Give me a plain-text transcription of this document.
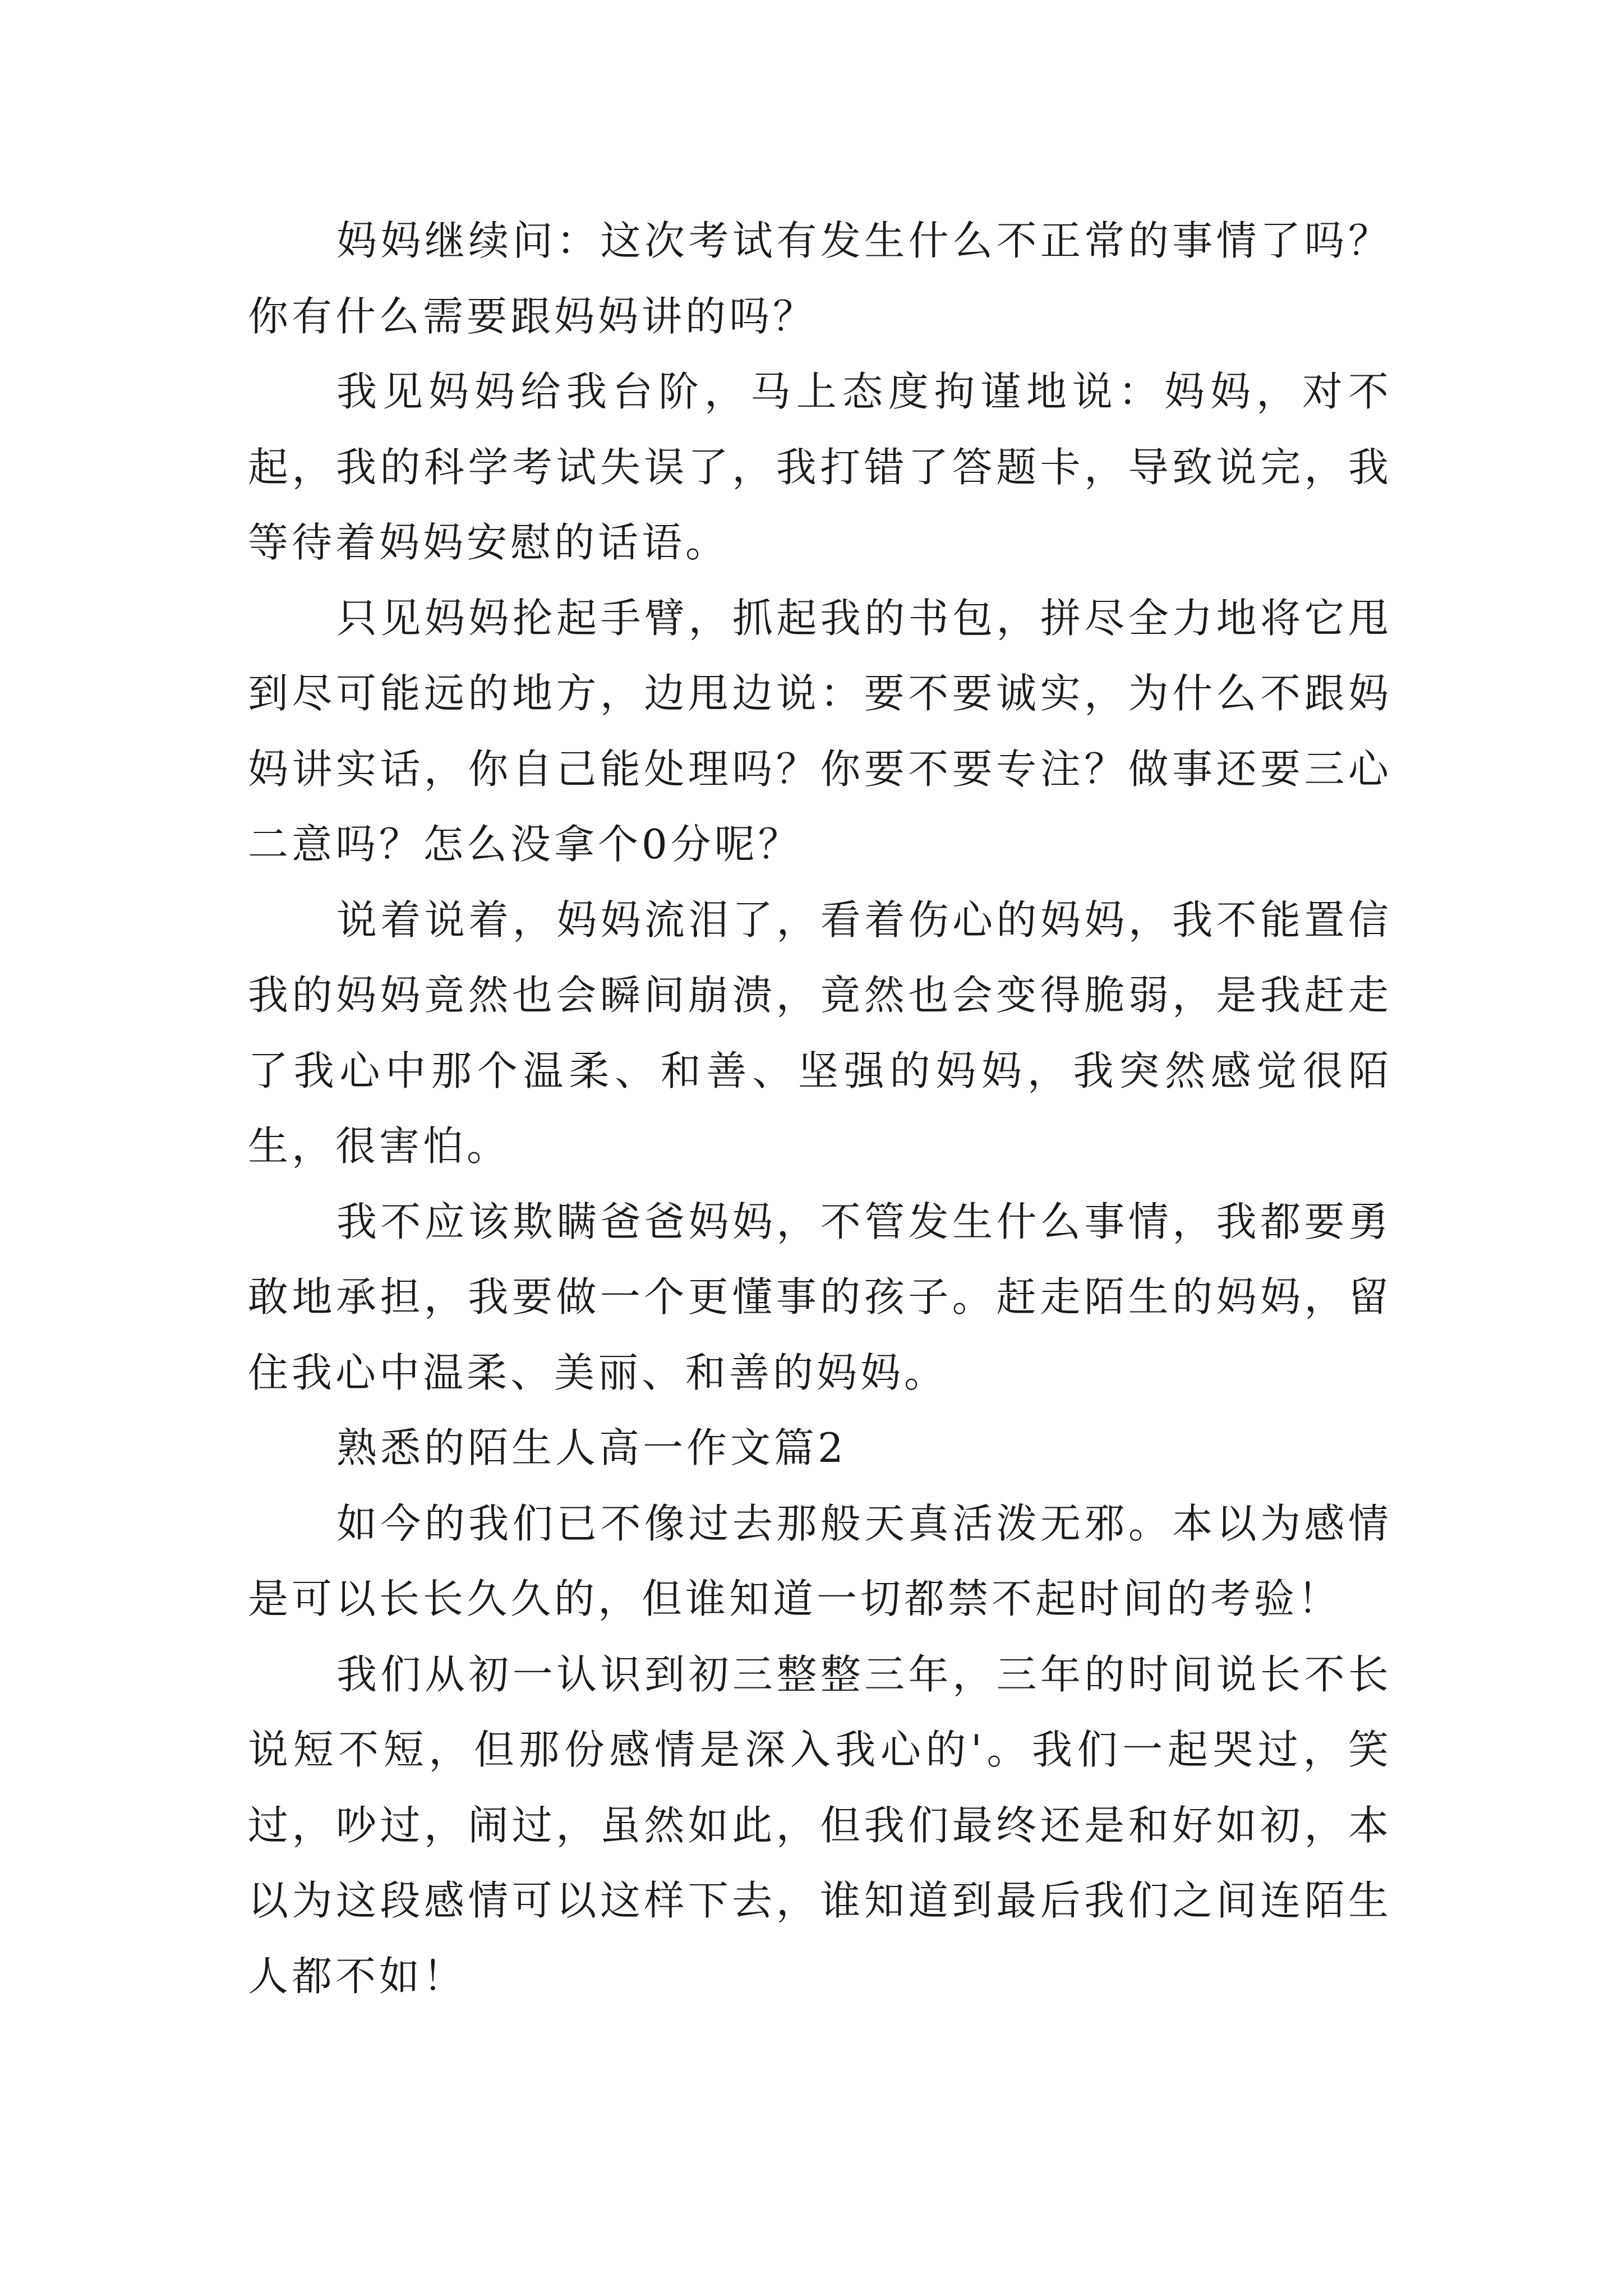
妈妈继续问：这次考试有发生什么不正常的事情了吗？你有什么需要跟妈妈讲的吗？

我见妈妈给我台阶，马上态度拘谨地说：妈妈，对不起，我的科学考试失误了，我打错了答题卡，导致说完，我等待着妈妈安慰的话语。

只见妈妈抡起手臂，抓起我的书包，拼尽全力地将它甩到尽可能远的地方，边甩边说：要不要诚实，为什么不跟妈妈讲实话，你自己能处理吗？你要不要专注？做事还要三心二意吗？怎么没拿个0分呢？

说着说着，妈妈流泪了，看着伤心的妈妈，我不能置信我的妈妈竟然也会瞬间崩溃，竟然也会变得脆弱，是我赶走了我心中那个温柔、和善、坚强的妈妈，我突然感觉很陌生，很害怕。

我不应该欺瞒爸爸妈妈，不管发生什么事情，我都要勇敢地承担，我要做一个更懂事的孩子。赶走陌生的妈妈，留住我心中温柔、美丽、和善的妈妈。

熟悉的陌生人高一作文篇2

如今的我们已不像过去那般天真活泼无邪。本以为感情是可以长长久久的，但谁知道一切都禁不起时间的考验！

我们从初一认识到初三整整三年，三年的时间说长不长说短不短，但那份感情是深入我心的'。我们一起哭过，笑过，吵过，闹过，虽然如此，但我们最终还是和好如初，本以为这段感情可以这样下去，谁知道到最后我们之间连陌生人都不如！
